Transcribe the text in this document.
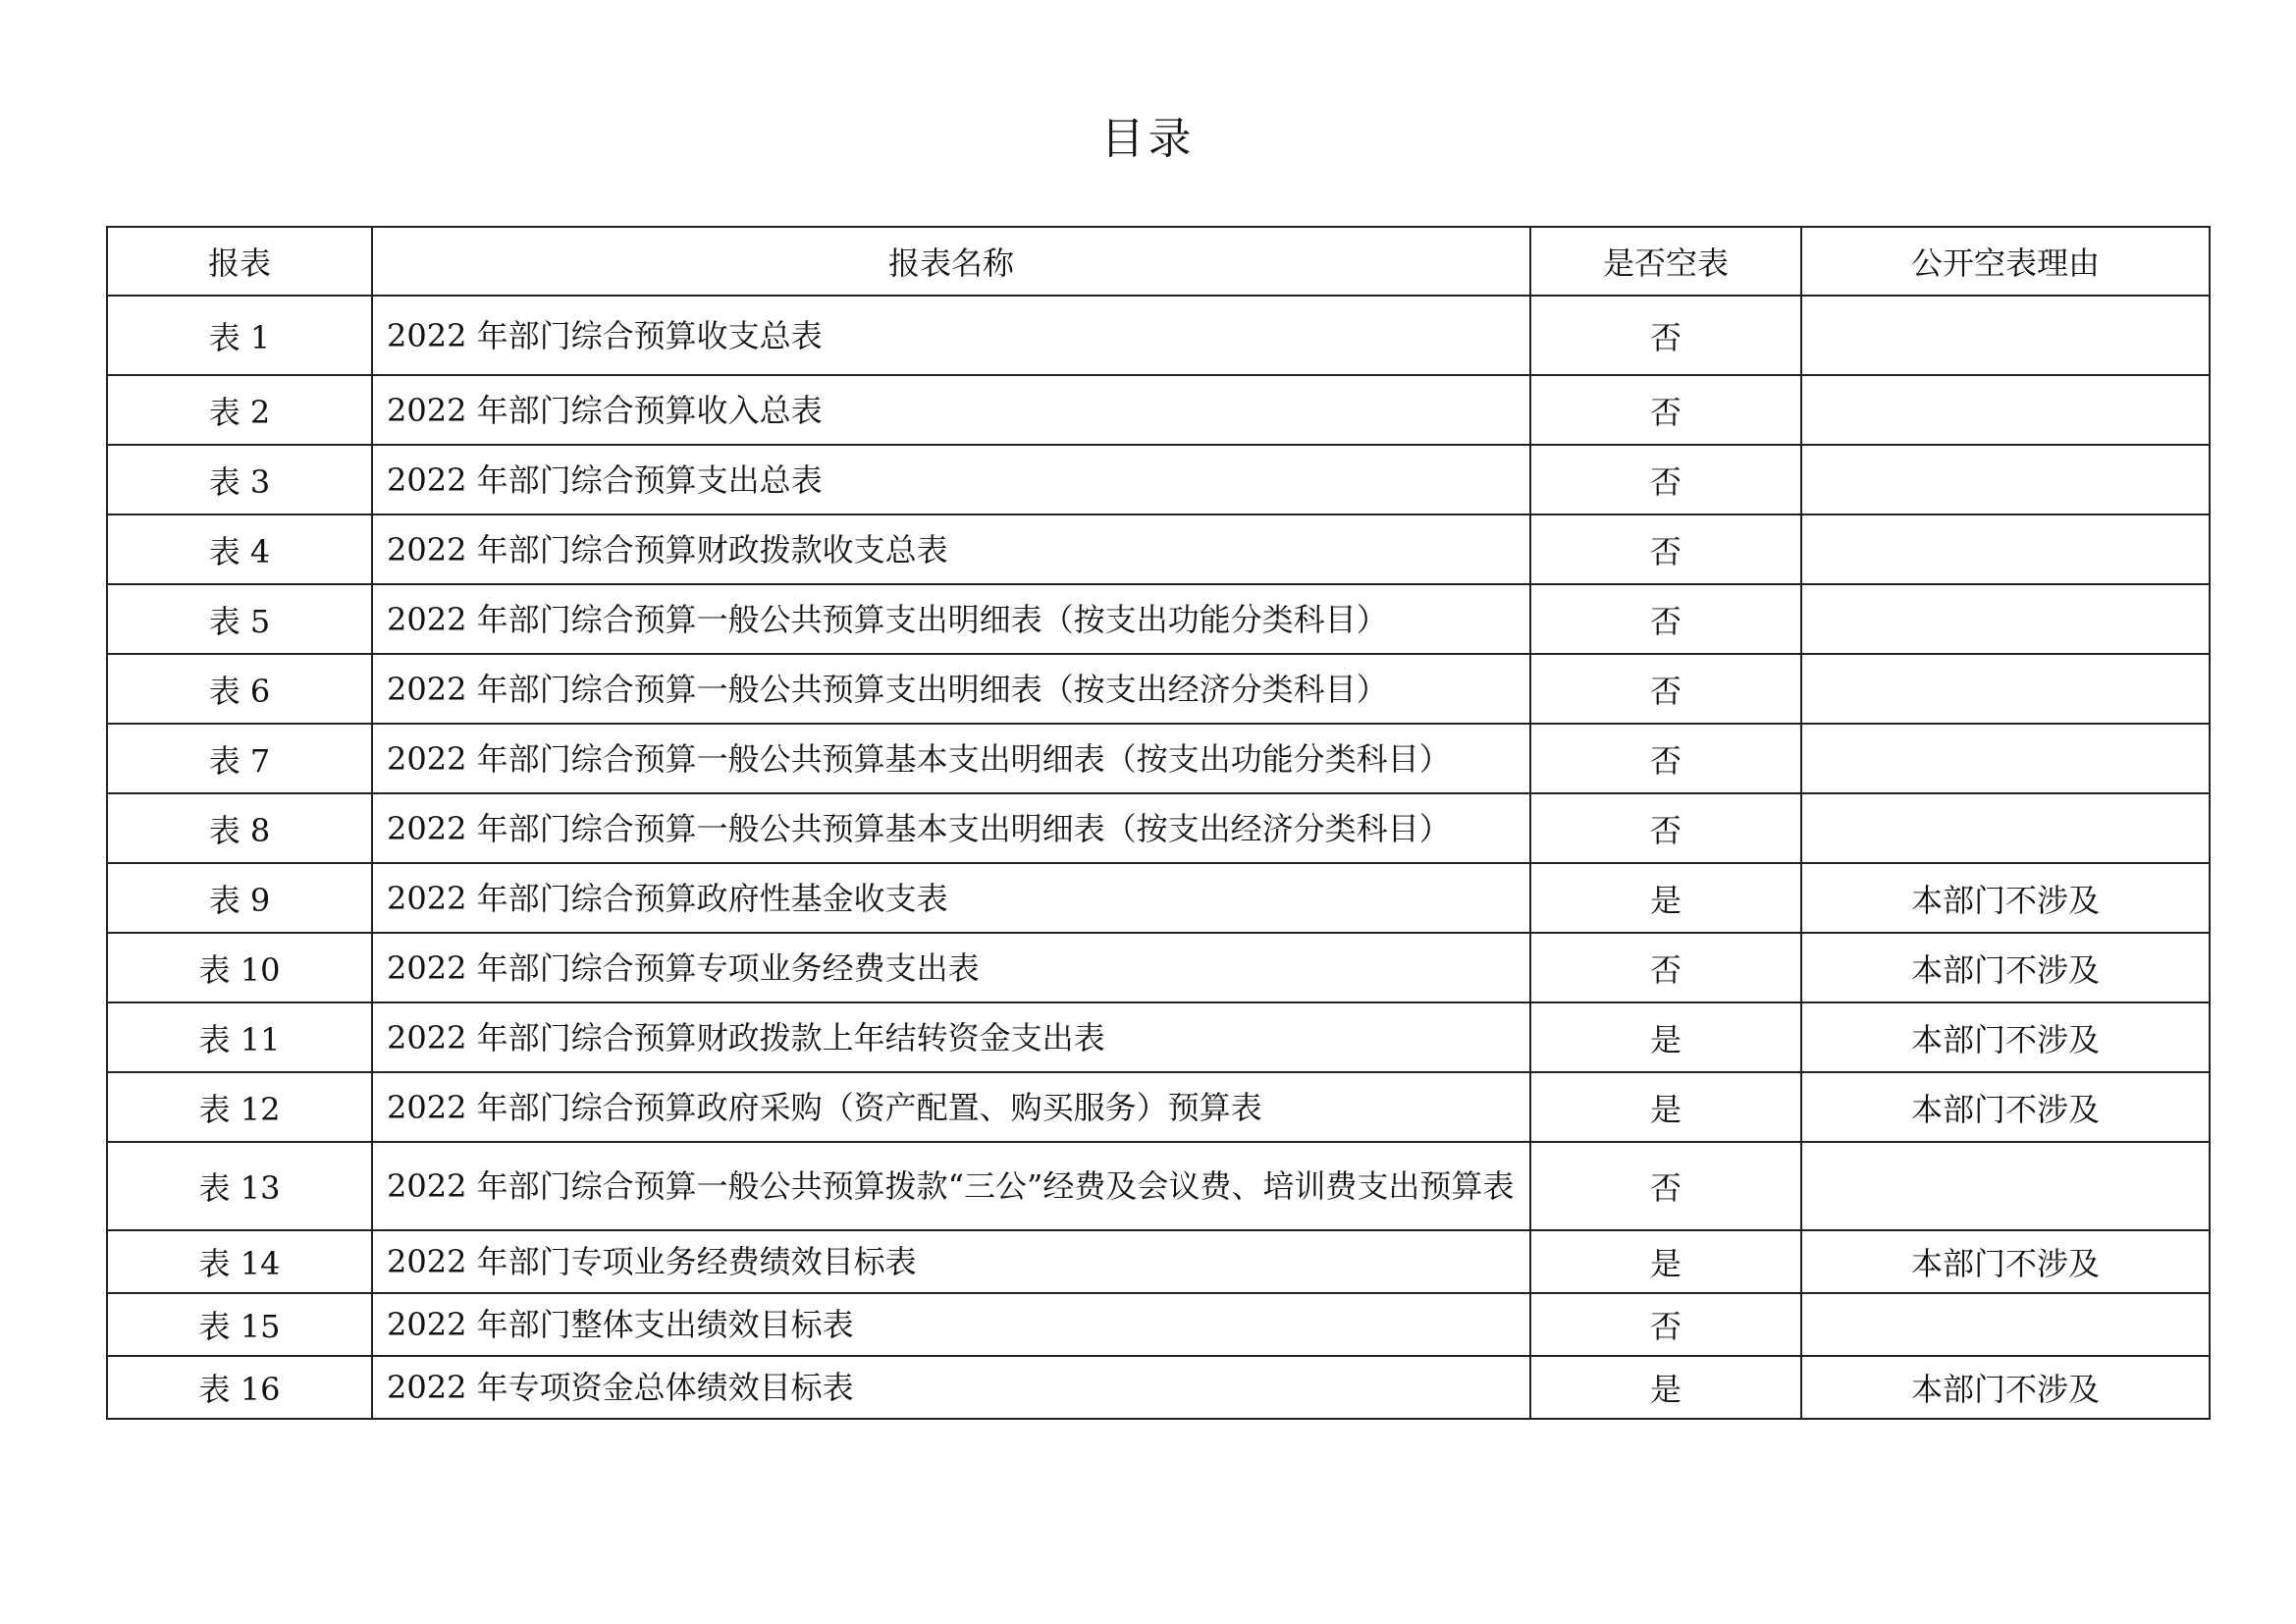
目录
报表	报表名称	是否空表	公开空表理由
表 1	2022 年部门综合预算收支总表	否	
表 2	2022 年部门综合预算收入总表	否	
表 3	2022 年部门综合预算支出总表	否	
表 4	2022 年部门综合预算财政拨款收支总表	否	
表 5	2022 年部门综合预算一般公共预算支出明细表（按支出功能分类科目）	否	
表 6	2022 年部门综合预算一般公共预算支出明细表（按支出经济分类科目）	否	
表 7	2022 年部门综合预算一般公共预算基本支出明细表（按支出功能分类科目）	否	
表 8	2022 年部门综合预算一般公共预算基本支出明细表（按支出经济分类科目）	否	
表 9	2022 年部门综合预算政府性基金收支表	是	本部门不涉及
表 10	2022 年部门综合预算专项业务经费支出表	否	本部门不涉及
表 11	2022 年部门综合预算财政拨款上年结转资金支出表	是	本部门不涉及
表 12	2022 年部门综合预算政府采购（资产配置、购买服务）预算表	是	本部门不涉及
表 13	2022 年部门综合预算一般公共预算拨款“三公”经费及会议费、培训费支出预算表	否	
表 14	2022 年部门专项业务经费绩效目标表	是	本部门不涉及
表 15	2022 年部门整体支出绩效目标表	否	
表 16	2022 年专项资金总体绩效目标表	是	本部门不涉及
